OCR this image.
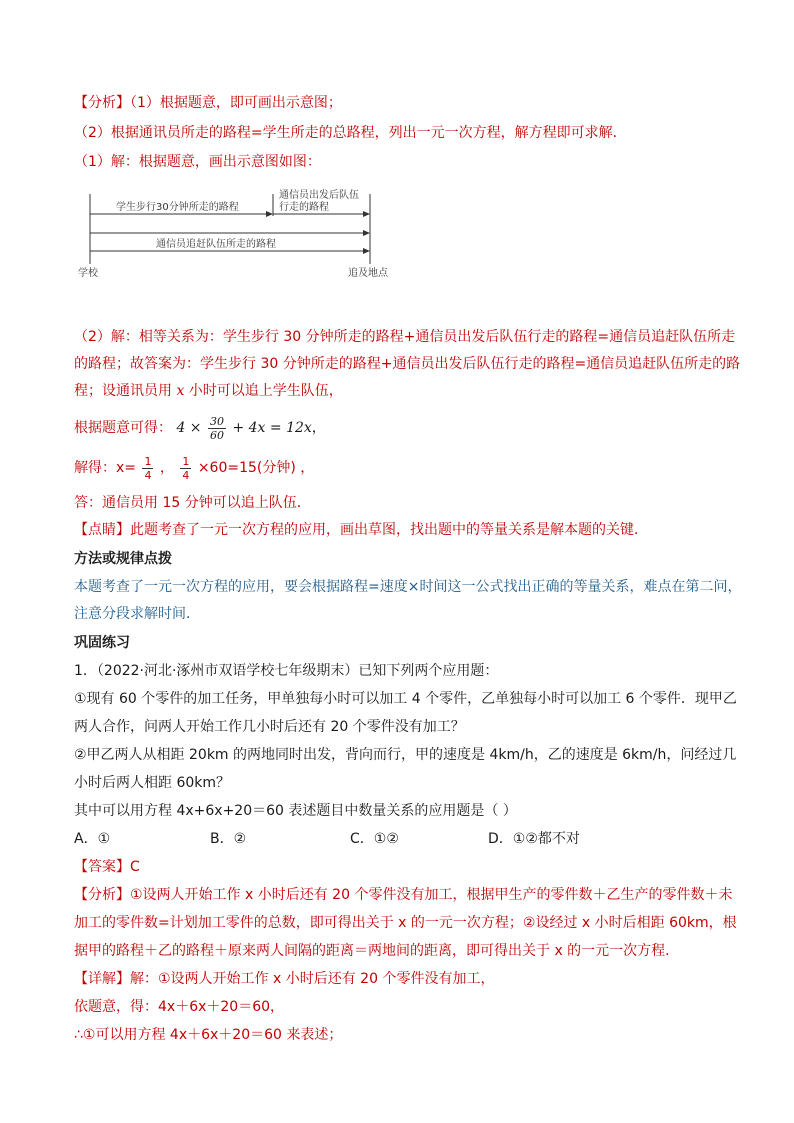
【分析】（1）根据题意，即可画出示意图；
（2）根据通讯员所走的路程=学生所走的总路程，列出一元一次方程，解方程即可求解．
（1）解：根据题意，画出示意图如图：
学生步行30分钟所走的路程
通信员出发后队伍
行走的路程
通信员追赶队伍所走的路程
学校	追及地点
（2）解：相等关系为：学生步行 30 分钟所走的路程+通信员出发后队伍行走的路程=通信员追赶队伍所走
的路程；故答案为：学生步行 30 分钟所走的路程+通信员出发后队伍行走的路程=通信员追赶队伍所走的路
程；设通讯员用 x 小时可以追上学生队伍，
根据题意可得： $4 \times \frac{30}{60} + 4x = 12x$，
解得：$x= \frac{1}{4}$ ， $\frac{1}{4} \times 60=15$(分钟) ，
答：通信员用 15 分钟可以追上队伍．
【点睛】此题考查了一元一次方程的应用，画出草图，找出题中的等量关系是解本题的关键．
方法或规律点拨
本题考查了一元一次方程的应用，要会根据路程=速度×时间这一公式找出正确的等量关系，难点在第二问，
注意分段求解时间．
巩固练习
1．（2022·河北·涿州市双语学校七年级期末）已知下列两个应用题：
①现有 60 个零件的加工任务，甲单独每小时可以加工 4 个零件，乙单独每小时可以加工 6 个零件．现甲乙
两人合作，问两人开始工作几小时后还有 20 个零件没有加工？
②甲乙两人从相距 20km 的两地同时出发，背向而行，甲的速度是 4km/h，乙的速度是 6km/h，问经过几
小时后两人相距 60km？
其中可以用方程 4x+6x+20＝60 表述题目中数量关系的应用题是（ ）
A．①	B．②	C．①②	D．①②都不对
【答案】C
【分析】①设两人开始工作 x 小时后还有 20 个零件没有加工，根据甲生产的零件数＋乙生产的零件数＋未
加工的零件数=计划加工零件的总数，即可得出关于 x 的一元一次方程；②设经过 x 小时后相距 60km，根
据甲的路程＋乙的路程＋原来两人间隔的距离＝两地间的距离，即可得出关于 x 的一元一次方程．
【详解】解：①设两人开始工作 x 小时后还有 20 个零件没有加工，
依题意，得：4x＋6x＋20＝60，
∴①可以用方程 4x＋6x＋20＝60 来表述；
